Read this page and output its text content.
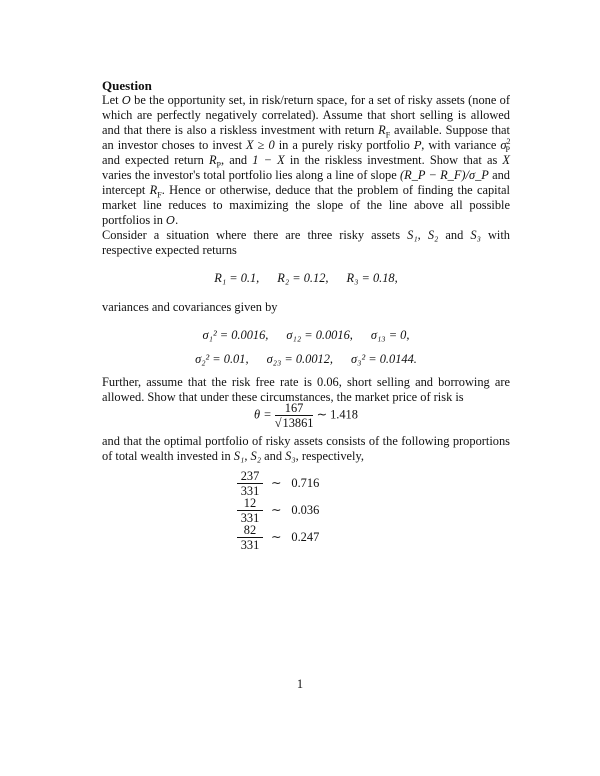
Question

Let O be the opportunity set, in risk/return space, for a set of risky assets (none of which are perfectly negatively correlated). Assume that short selling is allowed and that there is also a riskless investment with return $R_F$ available. Suppose that an investor choses to invest X ≥ 0 in a purely risky portfolio P, with variance $\sigma^2_P$ and expected return $R_P$, and 1 − X in the riskless investment. Show that as X varies the investor's total portfolio lies along a line of slope (R_P − R_F)/σ_P and intercept $R_F$. Hence or otherwise, deduce that the problem of finding the capital market line reduces to maximizing the slope of the line above all possible portfolios in O.

Consider a situation where there are three risky assets S₁, S₂ and S₃ with respective expected returns

R₁ = 0.1, R₂ = 0.12, R₃ = 0.18,

variances and covariances given by

σ₁² = 0.0016, σ₁₂ = 0.0016, σ₁₃ = 0,

σ₂² = 0.01, σ₂₃ = 0.0012, σ₃² = 0.0144.

Further, assume that the risk free rate is 0.06, short selling and borrowing are allowed. Show that under these circumstances, the market price of risk is

$\theta = \frac{167}{√13861}$ ∼ 1.418

and that the optimal portfolio of risky assets consists of the following proportions of total wealth invested in S₁, S₂ and S₃, respectively,

$\frac{237}{331}$ ∼ 0.716
$\frac{12}{331}$ ∼ 0.036
$\frac{82}{331}$ ∼ 0.247
1
